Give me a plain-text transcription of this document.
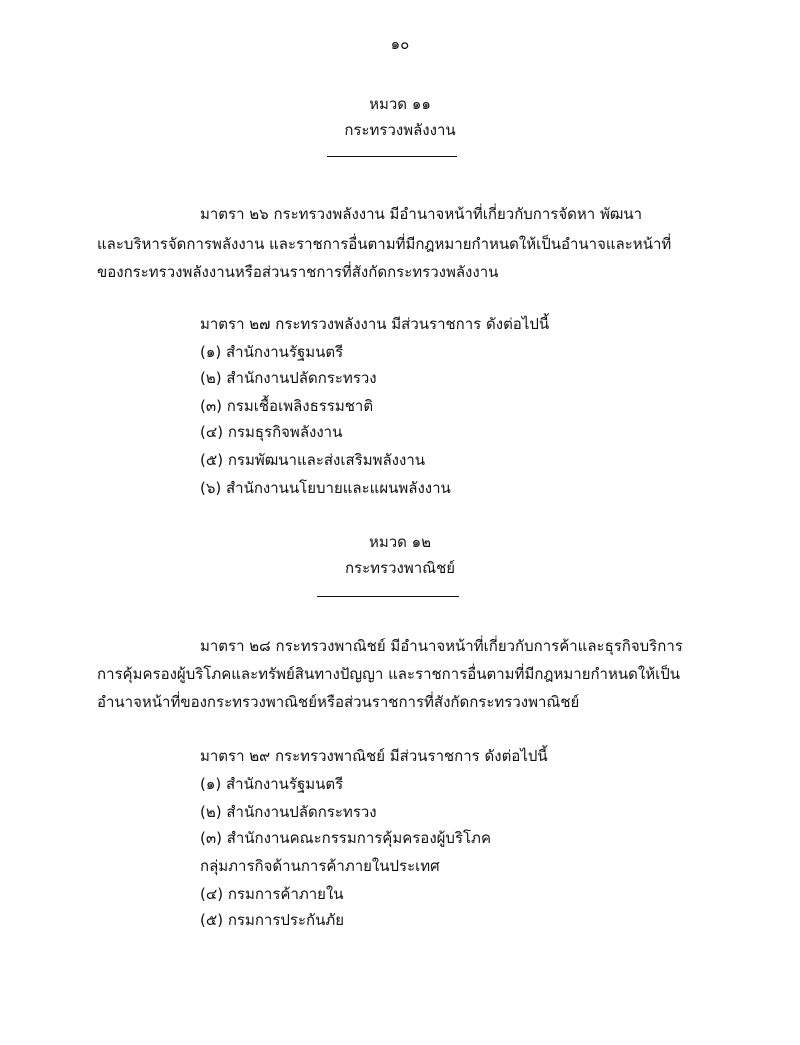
๑๐
หมวด ๑๑
กระทรวงพลังงาน
มาตรา ๒๖ กระทรวงพลังงาน มีอำนาจหน้าที่เกี่ยวกับการจัดหา พัฒนา
และบริหารจัดการพลังงาน และราชการอื่นตามที่มีกฎหมายกำหนดให้เป็นอำนาจและหน้าที่
ของกระทรวงพลังงานหรือส่วนราชการที่สังกัดกระทรวงพลังงาน
มาตรา ๒๗ กระทรวงพลังงาน มีส่วนราชการ ดังต่อไปนี้
(๑) สำนักงานรัฐมนตรี
(๒) สำนักงานปลัดกระทรวง
(๓) กรมเชื้อเพลิงธรรมชาติ
(๔) กรมธุรกิจพลังงาน
(๕) กรมพัฒนาและส่งเสริมพลังงาน
(๖) สำนักงานนโยบายและแผนพลังงาน
หมวด ๑๒
กระทรวงพาณิชย์
มาตรา ๒๘ กระทรวงพาณิชย์ มีอำนาจหน้าที่เกี่ยวกับการค้าและธุรกิจบริการ
การคุ้มครองผู้บริโภคและทรัพย์สินทางปัญญา และราชการอื่นตามที่มีกฎหมายกำหนดให้เป็น
อำนาจหน้าที่ของกระทรวงพาณิชย์หรือส่วนราชการที่สังกัดกระทรวงพาณิชย์
มาตรา ๒๙ กระทรวงพาณิชย์ มีส่วนราชการ ดังต่อไปนี้
(๑) สำนักงานรัฐมนตรี
(๒) สำนักงานปลัดกระทรวง
(๓) สำนักงานคณะกรรมการคุ้มครองผู้บริโภค
กลุ่มภารกิจด้านการค้าภายในประเทศ
(๔) กรมการค้าภายใน
(๕) กรมการประกันภัย
